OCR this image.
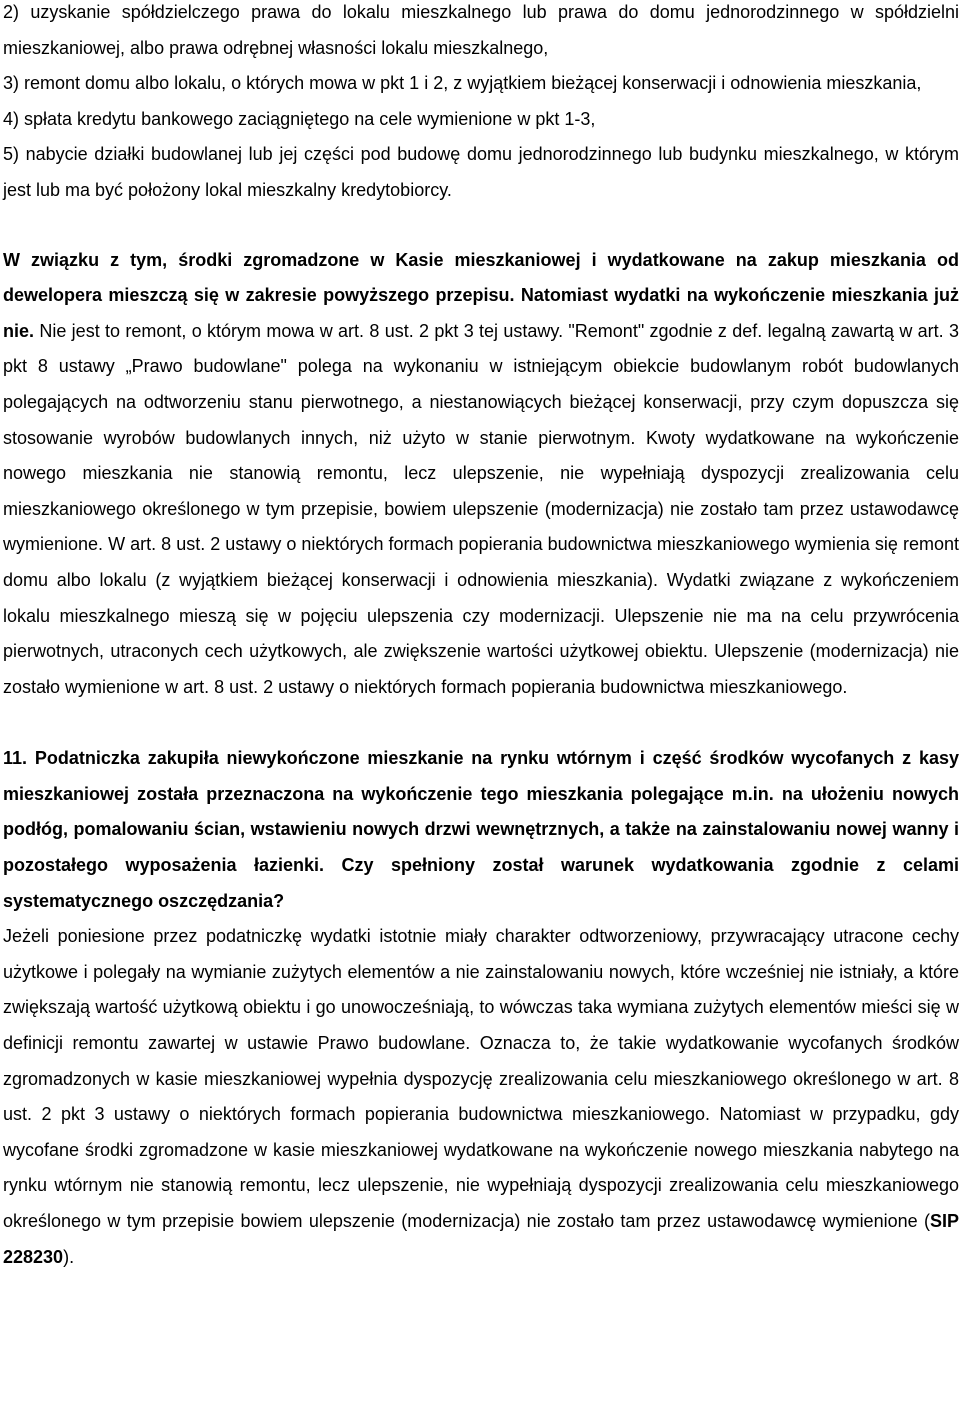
2) uzyskanie spółdzielczego prawa do lokalu mieszkalnego lub prawa do domu jednorodzinnego w spółdzielni mieszkaniowej, albo prawa odrębnej własności lokalu mieszkalnego,

3) remont domu albo lokalu, o których mowa w pkt 1 i 2, z wyjątkiem bieżącej konserwacji i odnowienia mieszkania,

4) spłata kredytu bankowego zaciągniętego na cele wymienione w pkt 1-3,

5) nabycie działki budowlanej lub jej części pod budowę domu jednorodzinnego lub budynku mieszkalnego, w którym jest lub ma być położony lokal mieszkalny kredytobiorcy.

W związku z tym, środki zgromadzone w Kasie mieszkaniowej i wydatkowane na zakup mieszkania od dewelopera mieszczą się w zakresie powyższego przepisu. Natomiast wydatki na wykończenie mieszkania już nie. Nie jest to remont, o którym mowa w art. 8 ust. 2 pkt 3 tej ustawy. "Remont" zgodnie z def. legalną zawartą w art. 3 pkt 8 ustawy „Prawo budowlane" polega na wykonaniu w istniejącym obiekcie budowlanym robót budowlanych polegających na odtworzeniu stanu pierwotnego, a niestanowiących bieżącej konserwacji, przy czym dopuszcza się stosowanie wyrobów budowlanych innych, niż użyto w stanie pierwotnym. Kwoty wydatkowane na wykończenie nowego mieszkania nie stanowią remontu, lecz ulepszenie, nie wypełniają dyspozycji zrealizowania celu mieszkaniowego określonego w tym przepisie, bowiem ulepszenie (modernizacja) nie zostało tam przez ustawodawcę wymienione. W art. 8 ust. 2 ustawy o niektórych formach popierania budownictwa mieszkaniowego wymienia się remont domu albo lokalu (z wyjątkiem bieżącej konserwacji i odnowienia mieszkania). Wydatki związane z wykończeniem lokalu mieszkalnego mieszą się w pojęciu ulepszenia czy modernizacji. Ulepszenie nie ma na celu przywrócenia pierwotnych, utraconych cech użytkowych, ale zwiększenie wartości użytkowej obiektu. Ulepszenie (modernizacja) nie zostało wymienione w art. 8 ust. 2 ustawy o niektórych formach popierania budownictwa mieszkaniowego.

11. Podatniczka zakupiła niewykończone mieszkanie na rynku wtórnym i część środków wycofanych z kasy mieszkaniowej została przeznaczona na wykończenie tego mieszkania polegające m.in. na ułożeniu nowych podłóg, pomalowaniu ścian, wstawieniu nowych drzwi wewnętrznych, a także na zainstalowaniu nowej wanny i pozostałego wyposażenia łazienki. Czy spełniony został warunek wydatkowania zgodnie z celami systematycznego oszczędzania?

Jeżeli poniesione przez podatniczkę wydatki istotnie miały charakter odtworzeniowy, przywracający utracone cechy użytkowe i polegały na wymianie zużytych elementów a nie zainstalowaniu nowych, które wcześniej nie istniały, a które zwiększają wartość użytkową obiektu i go unowocześniają, to wówczas taka wymiana zużytych elementów mieści się w definicji remontu zawartej w ustawie Prawo budowlane. Oznacza to, że takie wydatkowanie wycofanych środków zgromadzonych w kasie mieszkaniowej wypełnia dyspozycję zrealizowania celu mieszkaniowego określonego w art. 8 ust. 2 pkt 3 ustawy o niektórych formach popierania budownictwa mieszkaniowego. Natomiast w przypadku, gdy wycofane środki zgromadzone w kasie mieszkaniowej wydatkowane na wykończenie nowego mieszkania nabytego na rynku wtórnym nie stanowią remontu, lecz ulepszenie, nie wypełniają dyspozycji zrealizowania celu mieszkaniowego określonego w tym przepisie bowiem ulepszenie (modernizacja) nie zostało tam przez ustawodawcę wymienione (SIP 228230).
